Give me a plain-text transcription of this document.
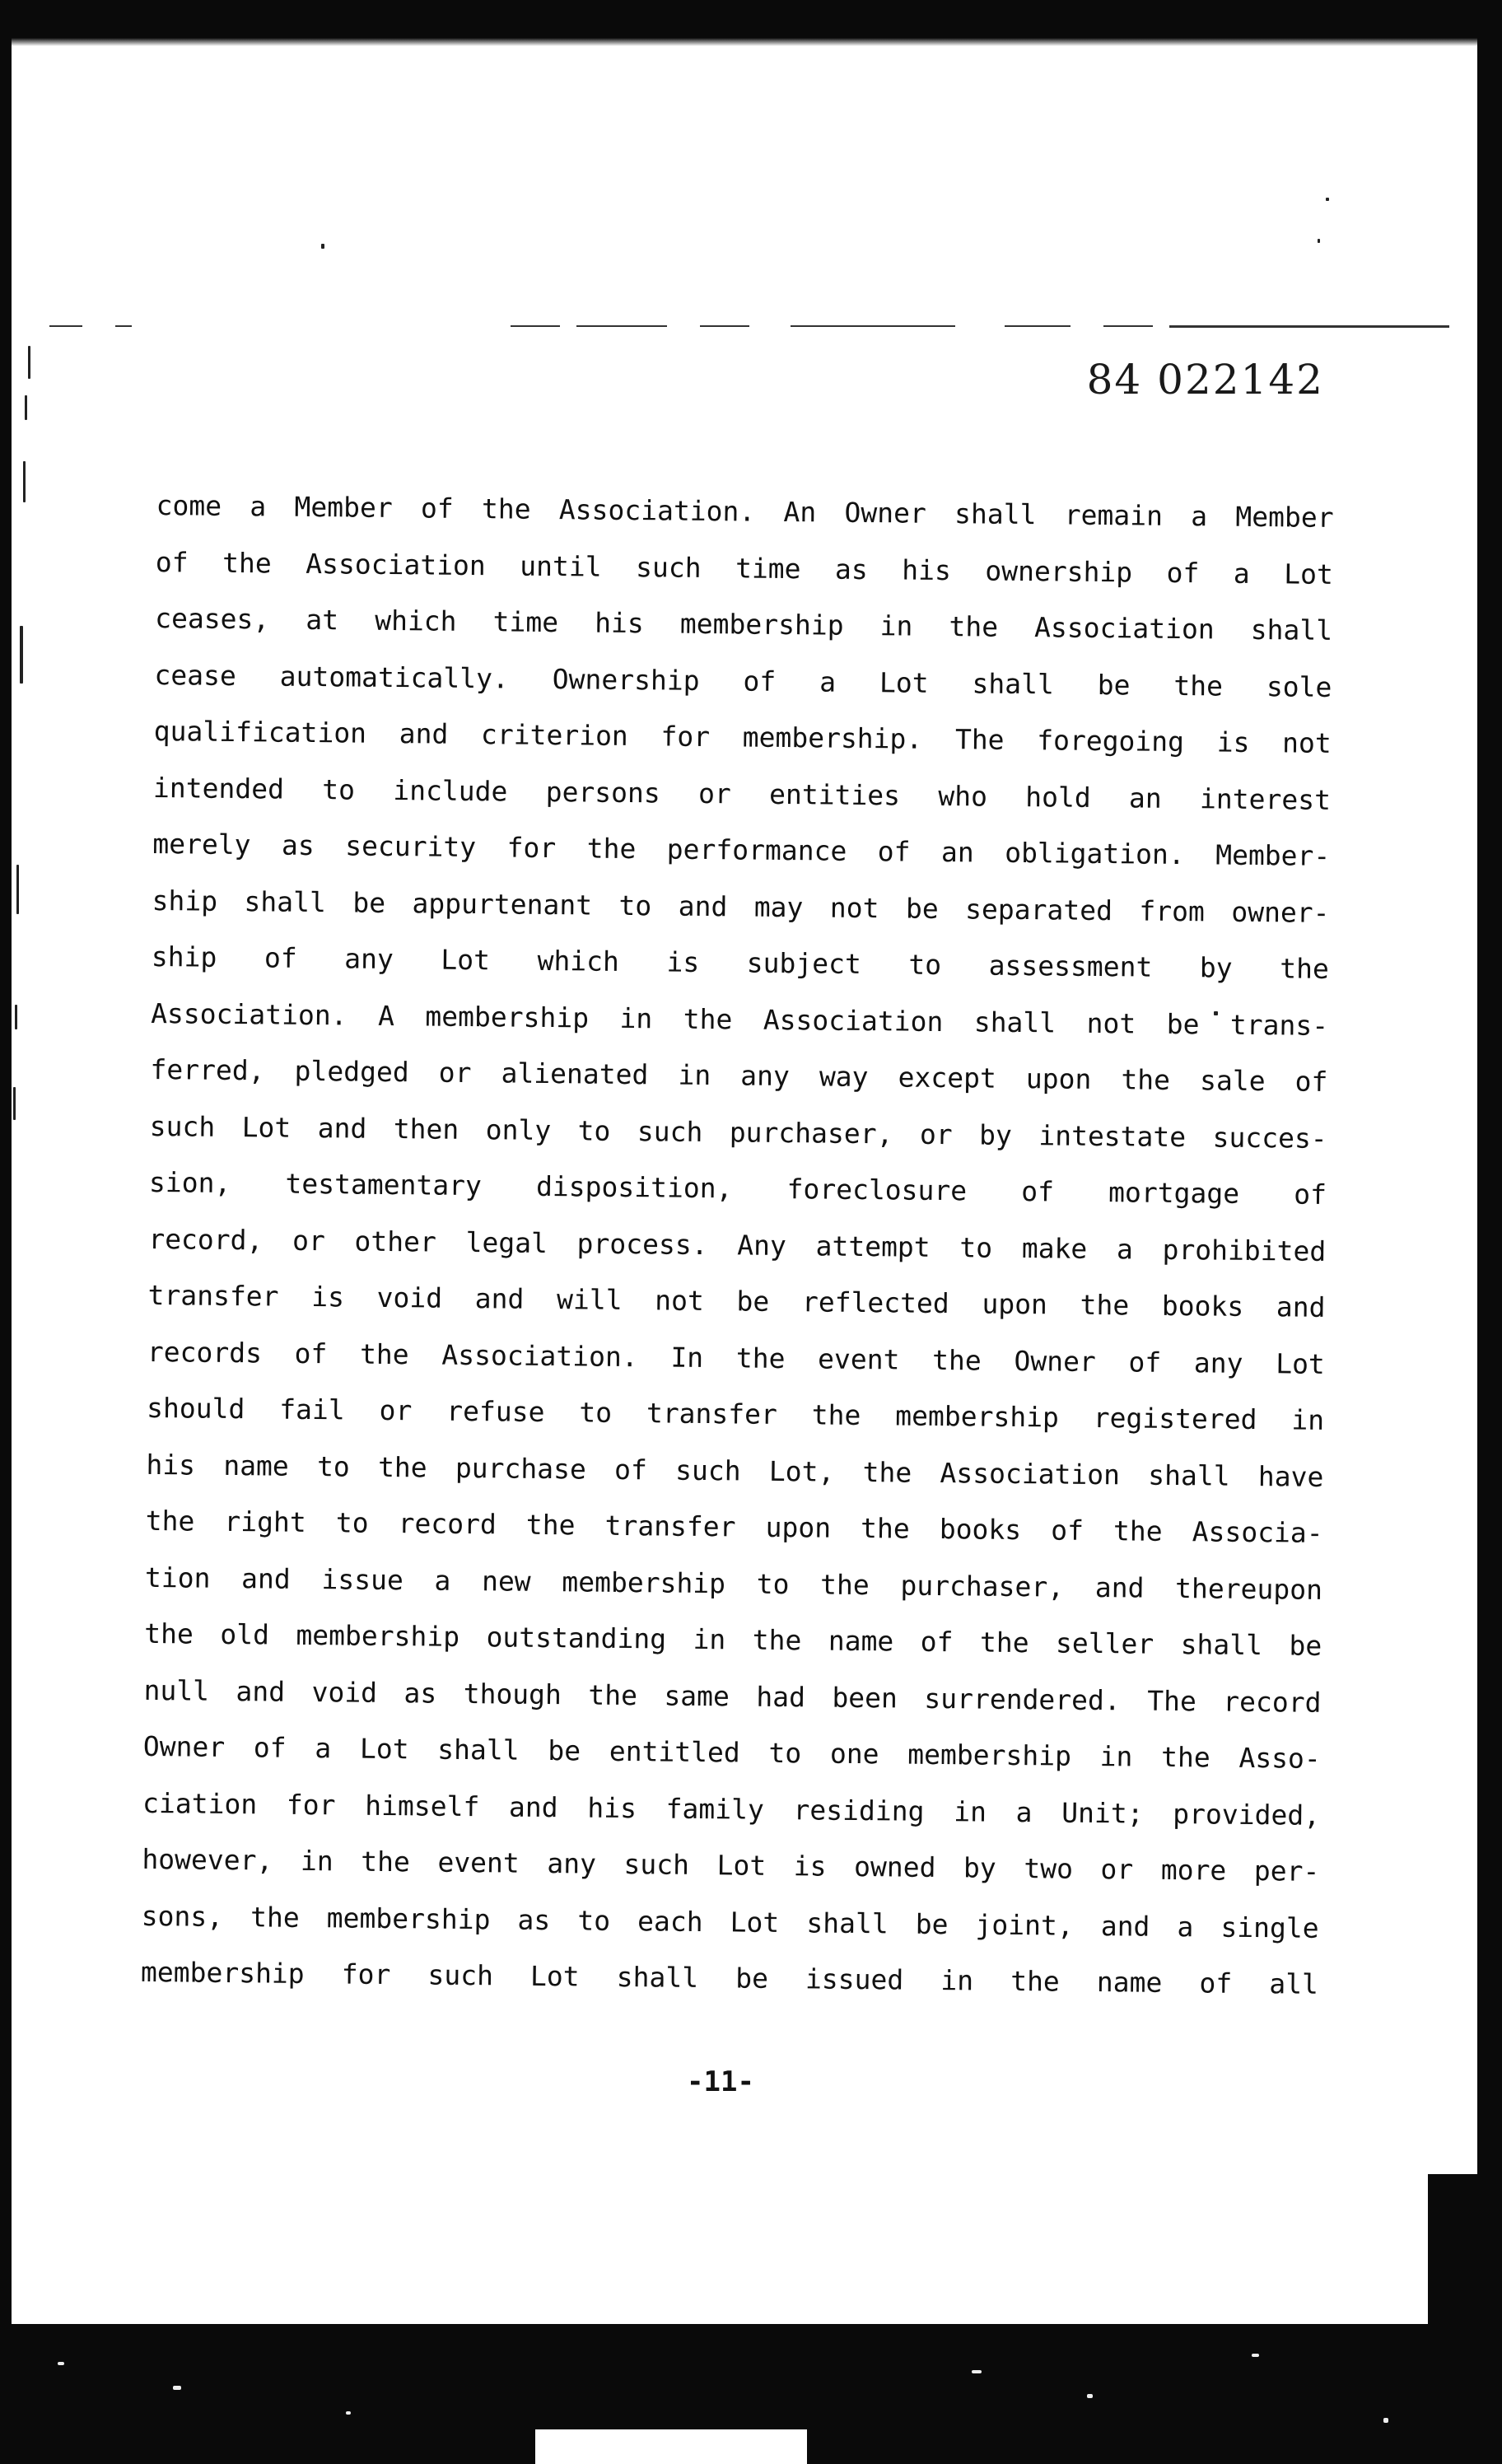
84 022142
come a Member of the Association. An Owner shall remain a Member
of the Association until such time as his ownership of a Lot
ceases, at which time his membership in the Association shall
cease automatically. Ownership of a Lot shall be the sole
qualification and criterion for membership. The foregoing is not
intended to include persons or entities who hold an interest
merely as security for the performance of an obligation. Member-
ship shall be appurtenant to and may not be separated from owner-
ship of any Lot which is subject to assessment by the
Association. A membership in the Association shall not be trans-
ferred, pledged or alienated in any way except upon the sale of
such Lot and then only to such purchaser, or by intestate succes-
sion, testamentary disposition, foreclosure of mortgage of
record, or other legal process. Any attempt to make a prohibited
transfer is void and will not be reflected upon the books and
records of the Association. In the event the Owner of any Lot
should fail or refuse to transfer the membership registered in
his name to the purchase of such Lot, the Association shall have
the right to record the transfer upon the books of the Associa-
tion and issue a new membership to the purchaser, and thereupon
the old membership outstanding in the name of the seller shall be
null and void as though the same had been surrendered. The record
Owner of a Lot shall be entitled to one membership in the Asso-
ciation for himself and his family residing in a Unit; provided,
however, in the event any such Lot is owned by two or more per-
sons, the membership as to each Lot shall be joint, and a single
membership for such Lot shall be issued in the name of all
-11-
